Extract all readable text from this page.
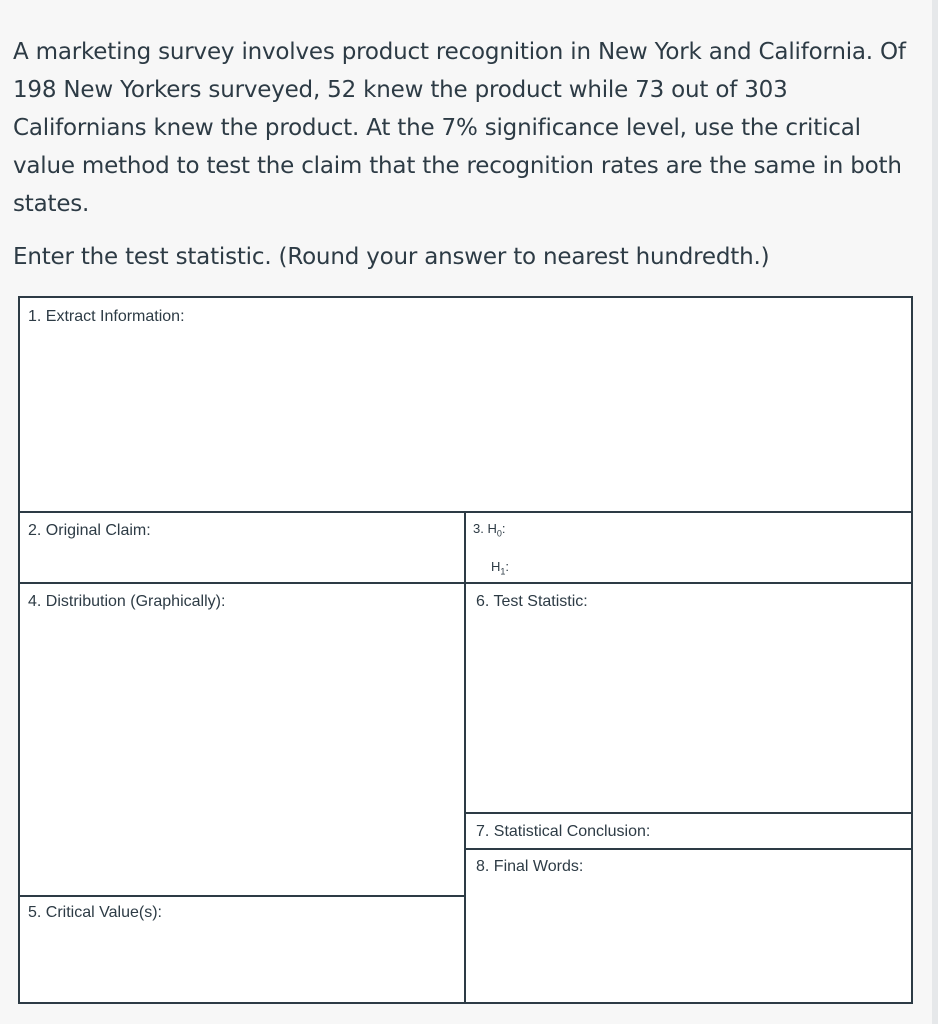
A marketing survey involves product recognition in New York and California. Of 198 New Yorkers surveyed, 52 knew the product while 73 out of 303 Californians knew the product. At the 7% significance level, use the critical value method to test the claim that the recognition rates are the same in both states.
Enter the test statistic. (Round your answer to nearest hundredth.)
1. Extract Information:
2. Original Claim:	3. $H_0$:
$H_1$:
4. Distribution (Graphically):	6. Test Statistic:
7. Statistical Conclusion:
8. Final Words:
5. Critical Value(s):
